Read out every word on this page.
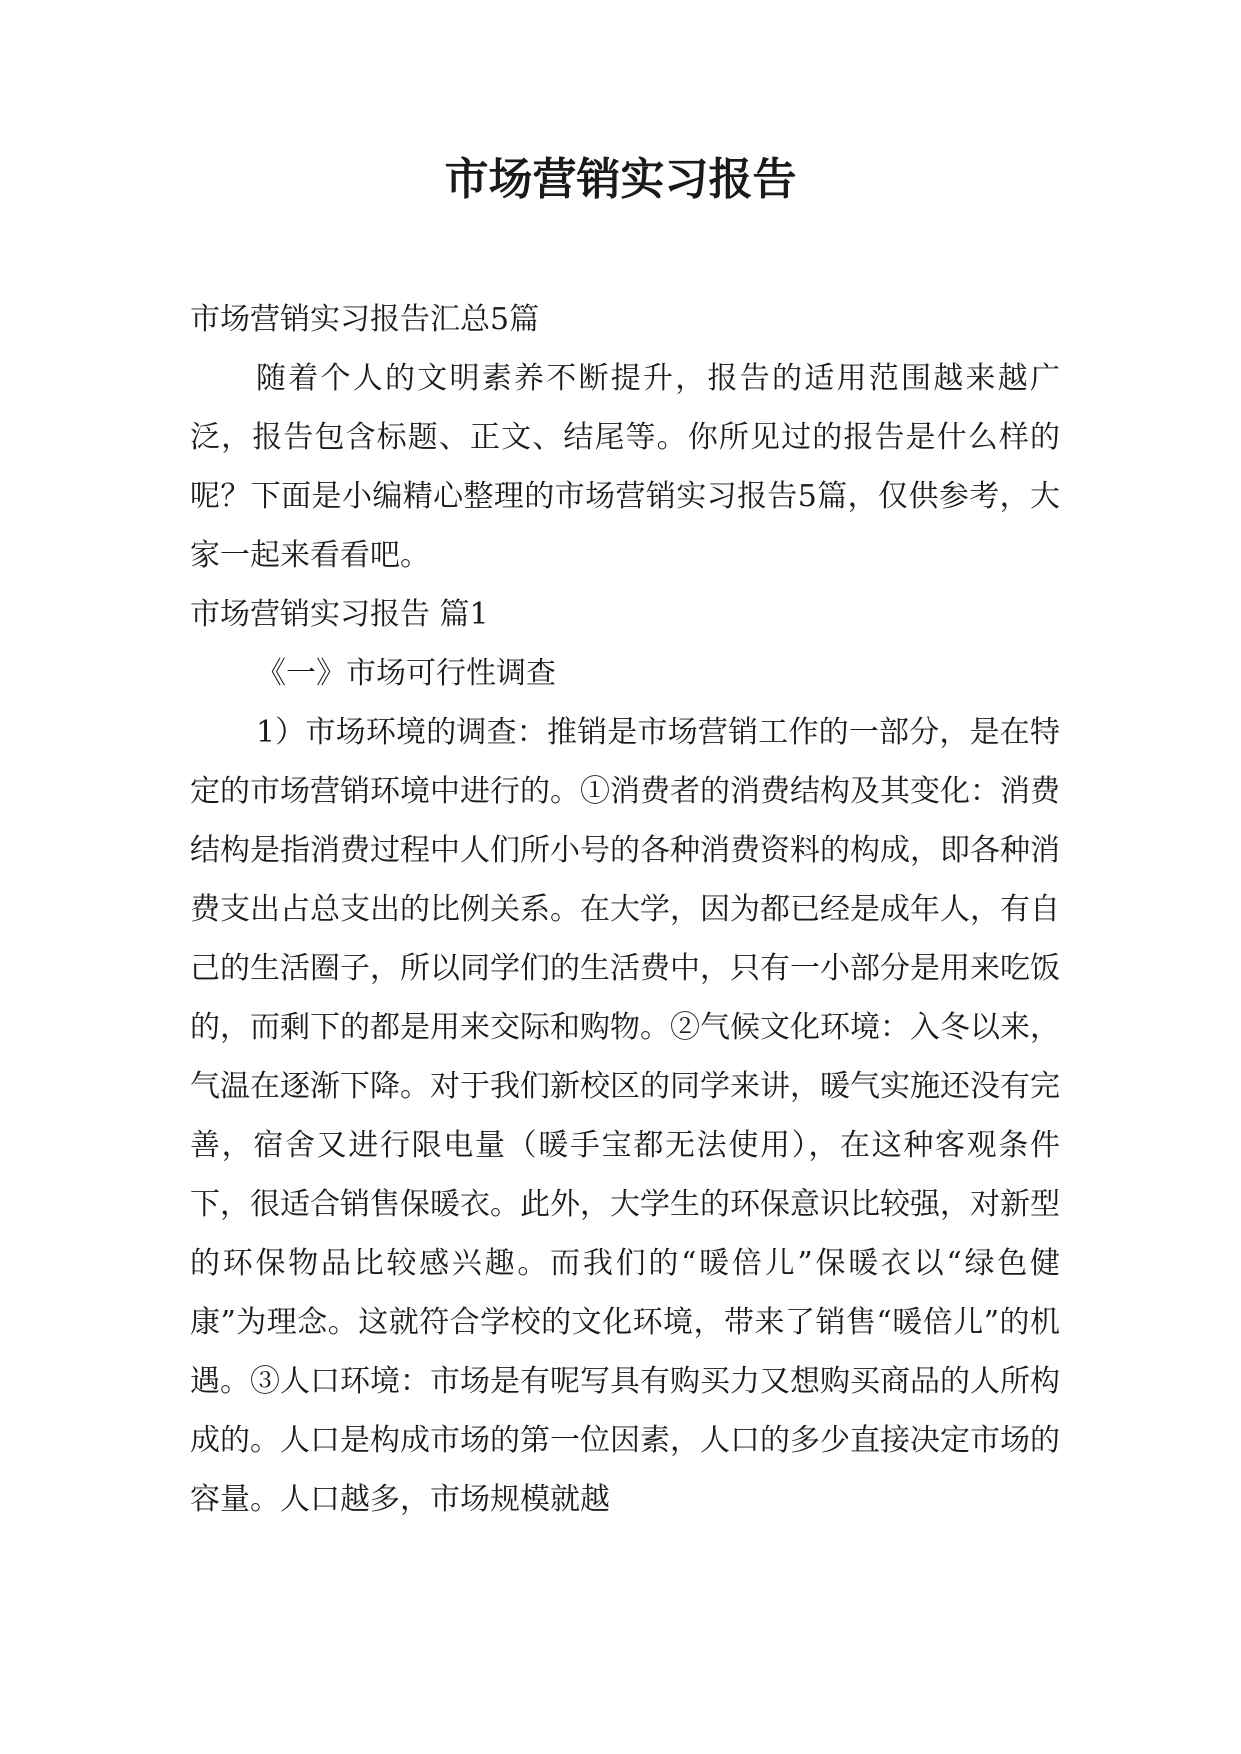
市场营销实习报告

市场营销实习报告汇总5篇

随着个人的文明素养不断提升，报告的适用范围越来越广泛，报告包含标题、正文、结尾等。你所见过的报告是什么样的呢？下面是小编精心整理的市场营销实习报告5篇，仅供参考，大家一起来看看吧。

市场营销实习报告 篇1

《一》市场可行性调查

1）市场环境的调查：推销是市场营销工作的一部分，是在特定的市场营销环境中进行的。①消费者的消费结构及其变化：消费结构是指消费过程中人们所小号的各种消费资料的构成，即各种消费支出占总支出的比例关系。在大学，因为都已经是成年人，有自己的生活圈子，所以同学们的生活费中，只有一小部分是用来吃饭的，而剩下的都是用来交际和购物。②气候文化环境：入冬以来，气温在逐渐下降。对于我们新校区的同学来讲，暖气实施还没有完善，宿舍又进行限电量（暖手宝都无法使用），在这种客观条件下，很适合销售保暖衣。此外，大学生的环保意识比较强，对新型的环保物品比较感兴趣。而我们的“暖倍儿”保暖衣以“绿色健康”为理念。这就符合学校的文化环境，带来了销售“暖倍儿”的机遇。③人口环境：市场是有呢写具有购买力又想购买商品的人所构成的。人口是构成市场的第一位因素，人口的多少直接决定市场的容量。人口越多，市场规模就越
